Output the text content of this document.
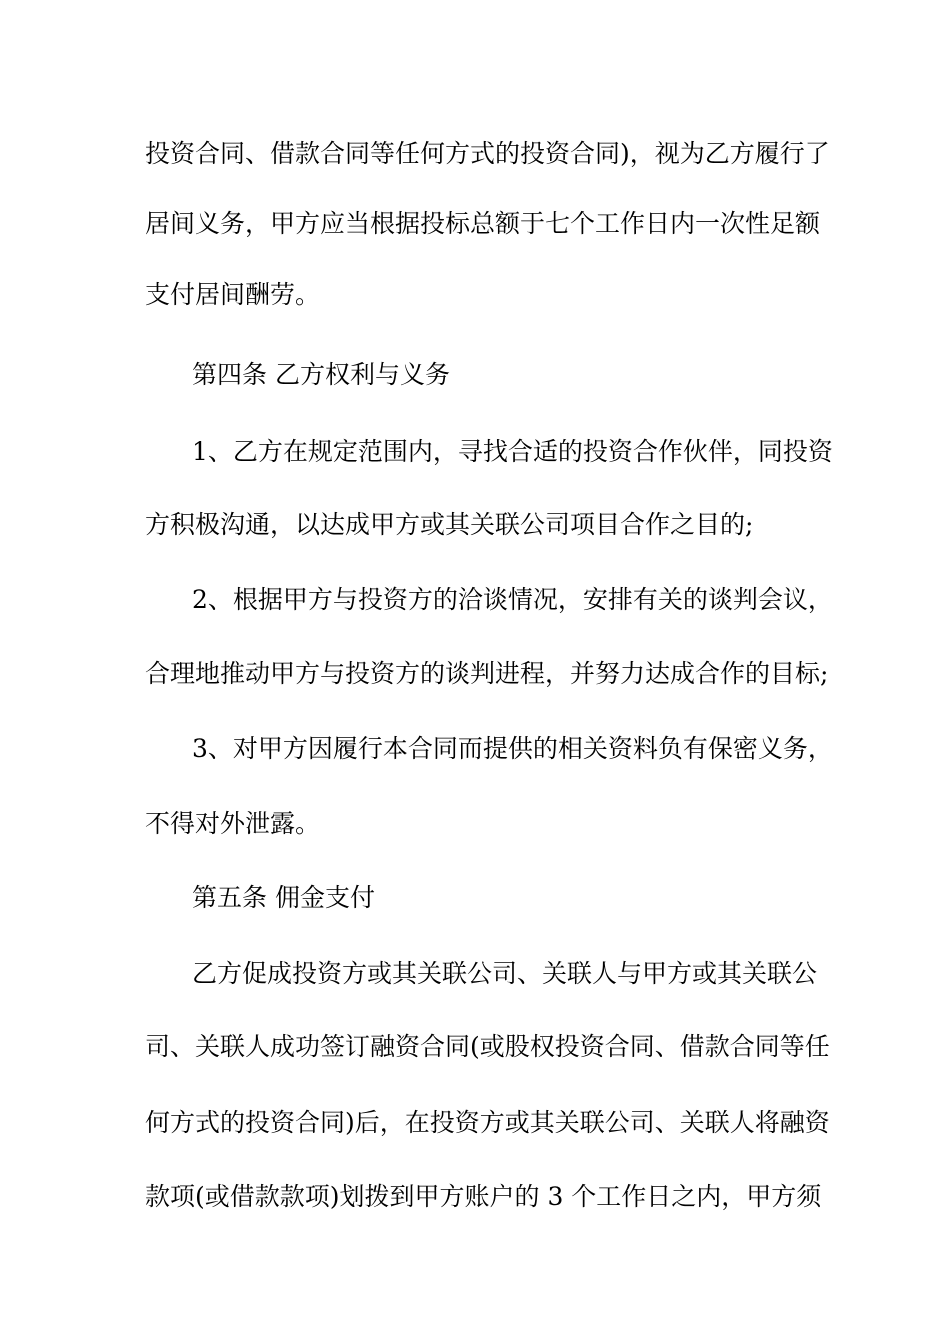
投资合同、借款合同等任何方式的投资合同)，视为乙方履行了
居间义务，甲方应当根据投标总额于七个工作日内一次性足额
支付居间酬劳。
第四条 乙方权利与义务
1、乙方在规定范围内，寻找合适的投资合作伙伴，同投资
方积极沟通，以达成甲方或其关联公司项目合作之目的;
2、根据甲方与投资方的洽谈情况，安排有关的谈判会议，
合理地推动甲方与投资方的谈判进程，并努力达成合作的目标;
3、对甲方因履行本合同而提供的相关资料负有保密义务，
不得对外泄露。
第五条 佣金支付
乙方促成投资方或其关联公司、关联人与甲方或其关联公
司、关联人成功签订融资合同(或股权投资合同、借款合同等任
何方式的投资合同)后，在投资方或其关联公司、关联人将融资
款项(或借款款项)划拨到甲方账户的 3 个工作日之内，甲方须
